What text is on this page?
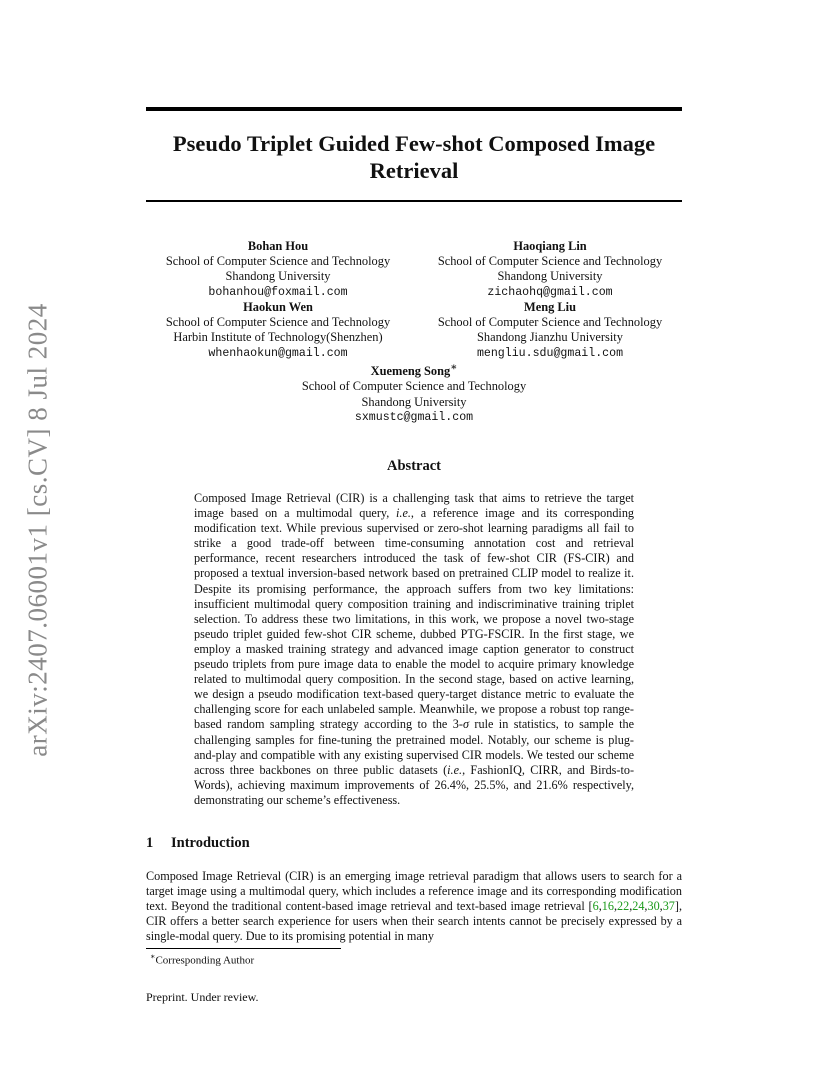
arXiv:2407.06001v1 [cs.CV] 8 Jul 2024
Pseudo Triplet Guided Few-shot Composed Image Retrieval
Bohan Hou
School of Computer Science and Technology
Shandong University
bohanhou@foxmail.com
Haoqiang Lin
School of Computer Science and Technology
Shandong University
zichaohq@gmail.com
Haokun Wen
School of Computer Science and Technology
Harbin Institute of Technology(Shenzhen)
whenhaokun@gmail.com
Meng Liu
School of Computer Science and Technology
Shandong Jianzhu University
mengliu.sdu@gmail.com
Xuemeng Song∗
School of Computer Science and Technology
Shandong University
sxmustc@gmail.com
Abstract
Composed Image Retrieval (CIR) is a challenging task that aims to retrieve the target image based on a multimodal query, i.e., a reference image and its corresponding modification text. While previous supervised or zero-shot learning paradigms all fail to strike a good trade-off between time-consuming annotation cost and retrieval performance, recent researchers introduced the task of few-shot CIR (FS-CIR) and proposed a textual inversion-based network based on pretrained CLIP model to realize it. Despite its promising performance, the approach suffers from two key limitations: insufficient multimodal query composition training and indiscriminative training triplet selection. To address these two limitations, in this work, we propose a novel two-stage pseudo triplet guided few-shot CIR scheme, dubbed PTG-FSCIR. In the first stage, we employ a masked training strategy and advanced image caption generator to construct pseudo triplets from pure image data to enable the model to acquire primary knowledge related to multimodal query composition. In the second stage, based on active learning, we design a pseudo modification text-based query-target distance metric to evaluate the challenging score for each unlabeled sample. Meanwhile, we propose a robust top range-based random sampling strategy according to the 3-σ rule in statistics, to sample the challenging samples for fine-tuning the pretrained model. Notably, our scheme is plug-and-play and compatible with any existing supervised CIR models. We tested our scheme across three backbones on three public datasets (i.e., FashionIQ, CIRR, and Birds-to-Words), achieving maximum improvements of 26.4%, 25.5%, and 21.6% respectively, demonstrating our scheme’s effectiveness.
1 Introduction
Composed Image Retrieval (CIR) is an emerging image retrieval paradigm that allows users to search for a target image using a multimodal query, which includes a reference image and its corresponding modification text. Beyond the traditional content-based image retrieval and text-based image retrieval [6,16,22,24,30,37], CIR offers a better search experience for users when their search intents cannot be precisely expressed by a single-modal query. Due to its promising potential in many
∗Corresponding Author
Preprint. Under review.
